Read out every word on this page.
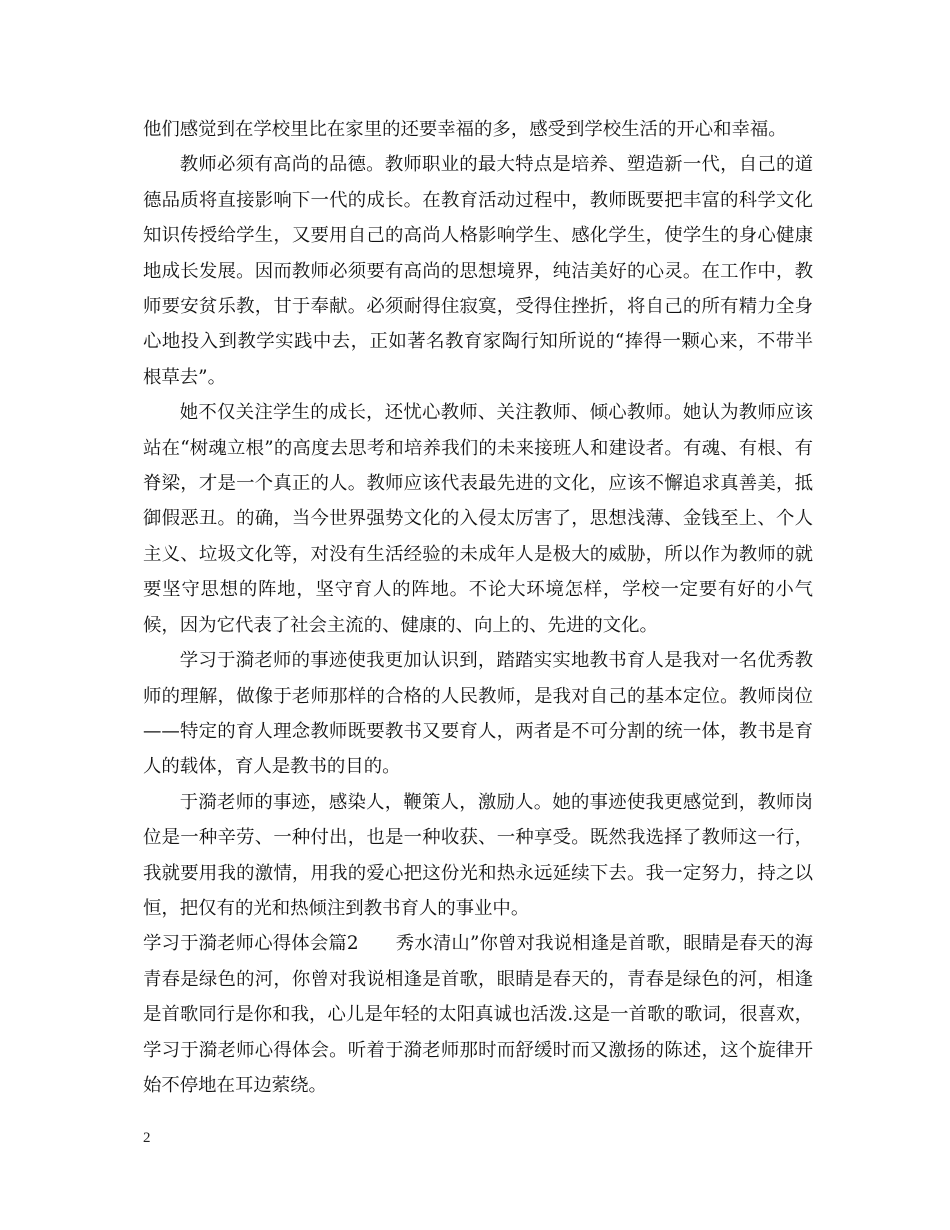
他们感觉到在学校里比在家里的还要幸福的多，感受到学校生活的开心和幸福。

教师必须有高尚的品德。教师职业的最大特点是培养、塑造新一代，自己的道德品质将直接影响下一代的成长。在教育活动过程中，教师既要把丰富的科学文化知识传授给学生，又要用自己的高尚人格影响学生、感化学生，使学生的身心健康地成长发展。因而教师必须要有高尚的思想境界，纯洁美好的心灵。在工作中，教师要安贫乐教，甘于奉献。必须耐得住寂寞，受得住挫折，将自己的所有精力全身心地投入到教学实践中去，正如著名教育家陶行知所说的“捧得一颗心来，不带半根草去”。

她不仅关注学生的成长，还忧心教师、关注教师、倾心教师。她认为教师应该站在“树魂立根”的高度去思考和培养我们的未来接班人和建设者。有魂、有根、有脊梁，才是一个真正的人。教师应该代表最先进的文化，应该不懈追求真善美，抵御假恶丑。的确，当今世界强势文化的入侵太厉害了，思想浅薄、金钱至上、个人主义、垃圾文化等，对没有生活经验的未成年人是极大的威胁，所以作为教师的就要坚守思想的阵地，坚守育人的阵地。不论大环境怎样，学校一定要有好的小气候，因为它代表了社会主流的、健康的、向上的、先进的文化。

学习于漪老师的事迹使我更加认识到，踏踏实实地教书育人是我对一名优秀教师的理解，做像于老师那样的合格的人民教师，是我对自己的基本定位。教师岗位——特定的育人理念教师既要教书又要育人，两者是不可分割的统一体，教书是育人的载体，育人是教书的目的。

于漪老师的事迹，感染人，鞭策人，激励人。她的事迹使我更感觉到，教师岗位是一种辛劳、一种付出，也是一种收获、一种享受。既然我选择了教师这一行，我就要用我的激情，用我的爱心把这份光和热永远延续下去。我一定努力，持之以恒，把仅有的光和热倾注到教书育人的事业中。

学习于漪老师心得体会篇2　　秀水清山”你曾对我说相逢是首歌，眼睛是春天的海青春是绿色的河，你曾对我说相逢是首歌，眼睛是春天的，青春是绿色的河，相逢是首歌同行是你和我，心儿是年轻的太阳真诚也活泼.这是一首歌的歌词，很喜欢，学习于漪老师心得体会。听着于漪老师那时而舒缓时而又激扬的陈述，这个旋律开始不停地在耳边萦绕。

2
